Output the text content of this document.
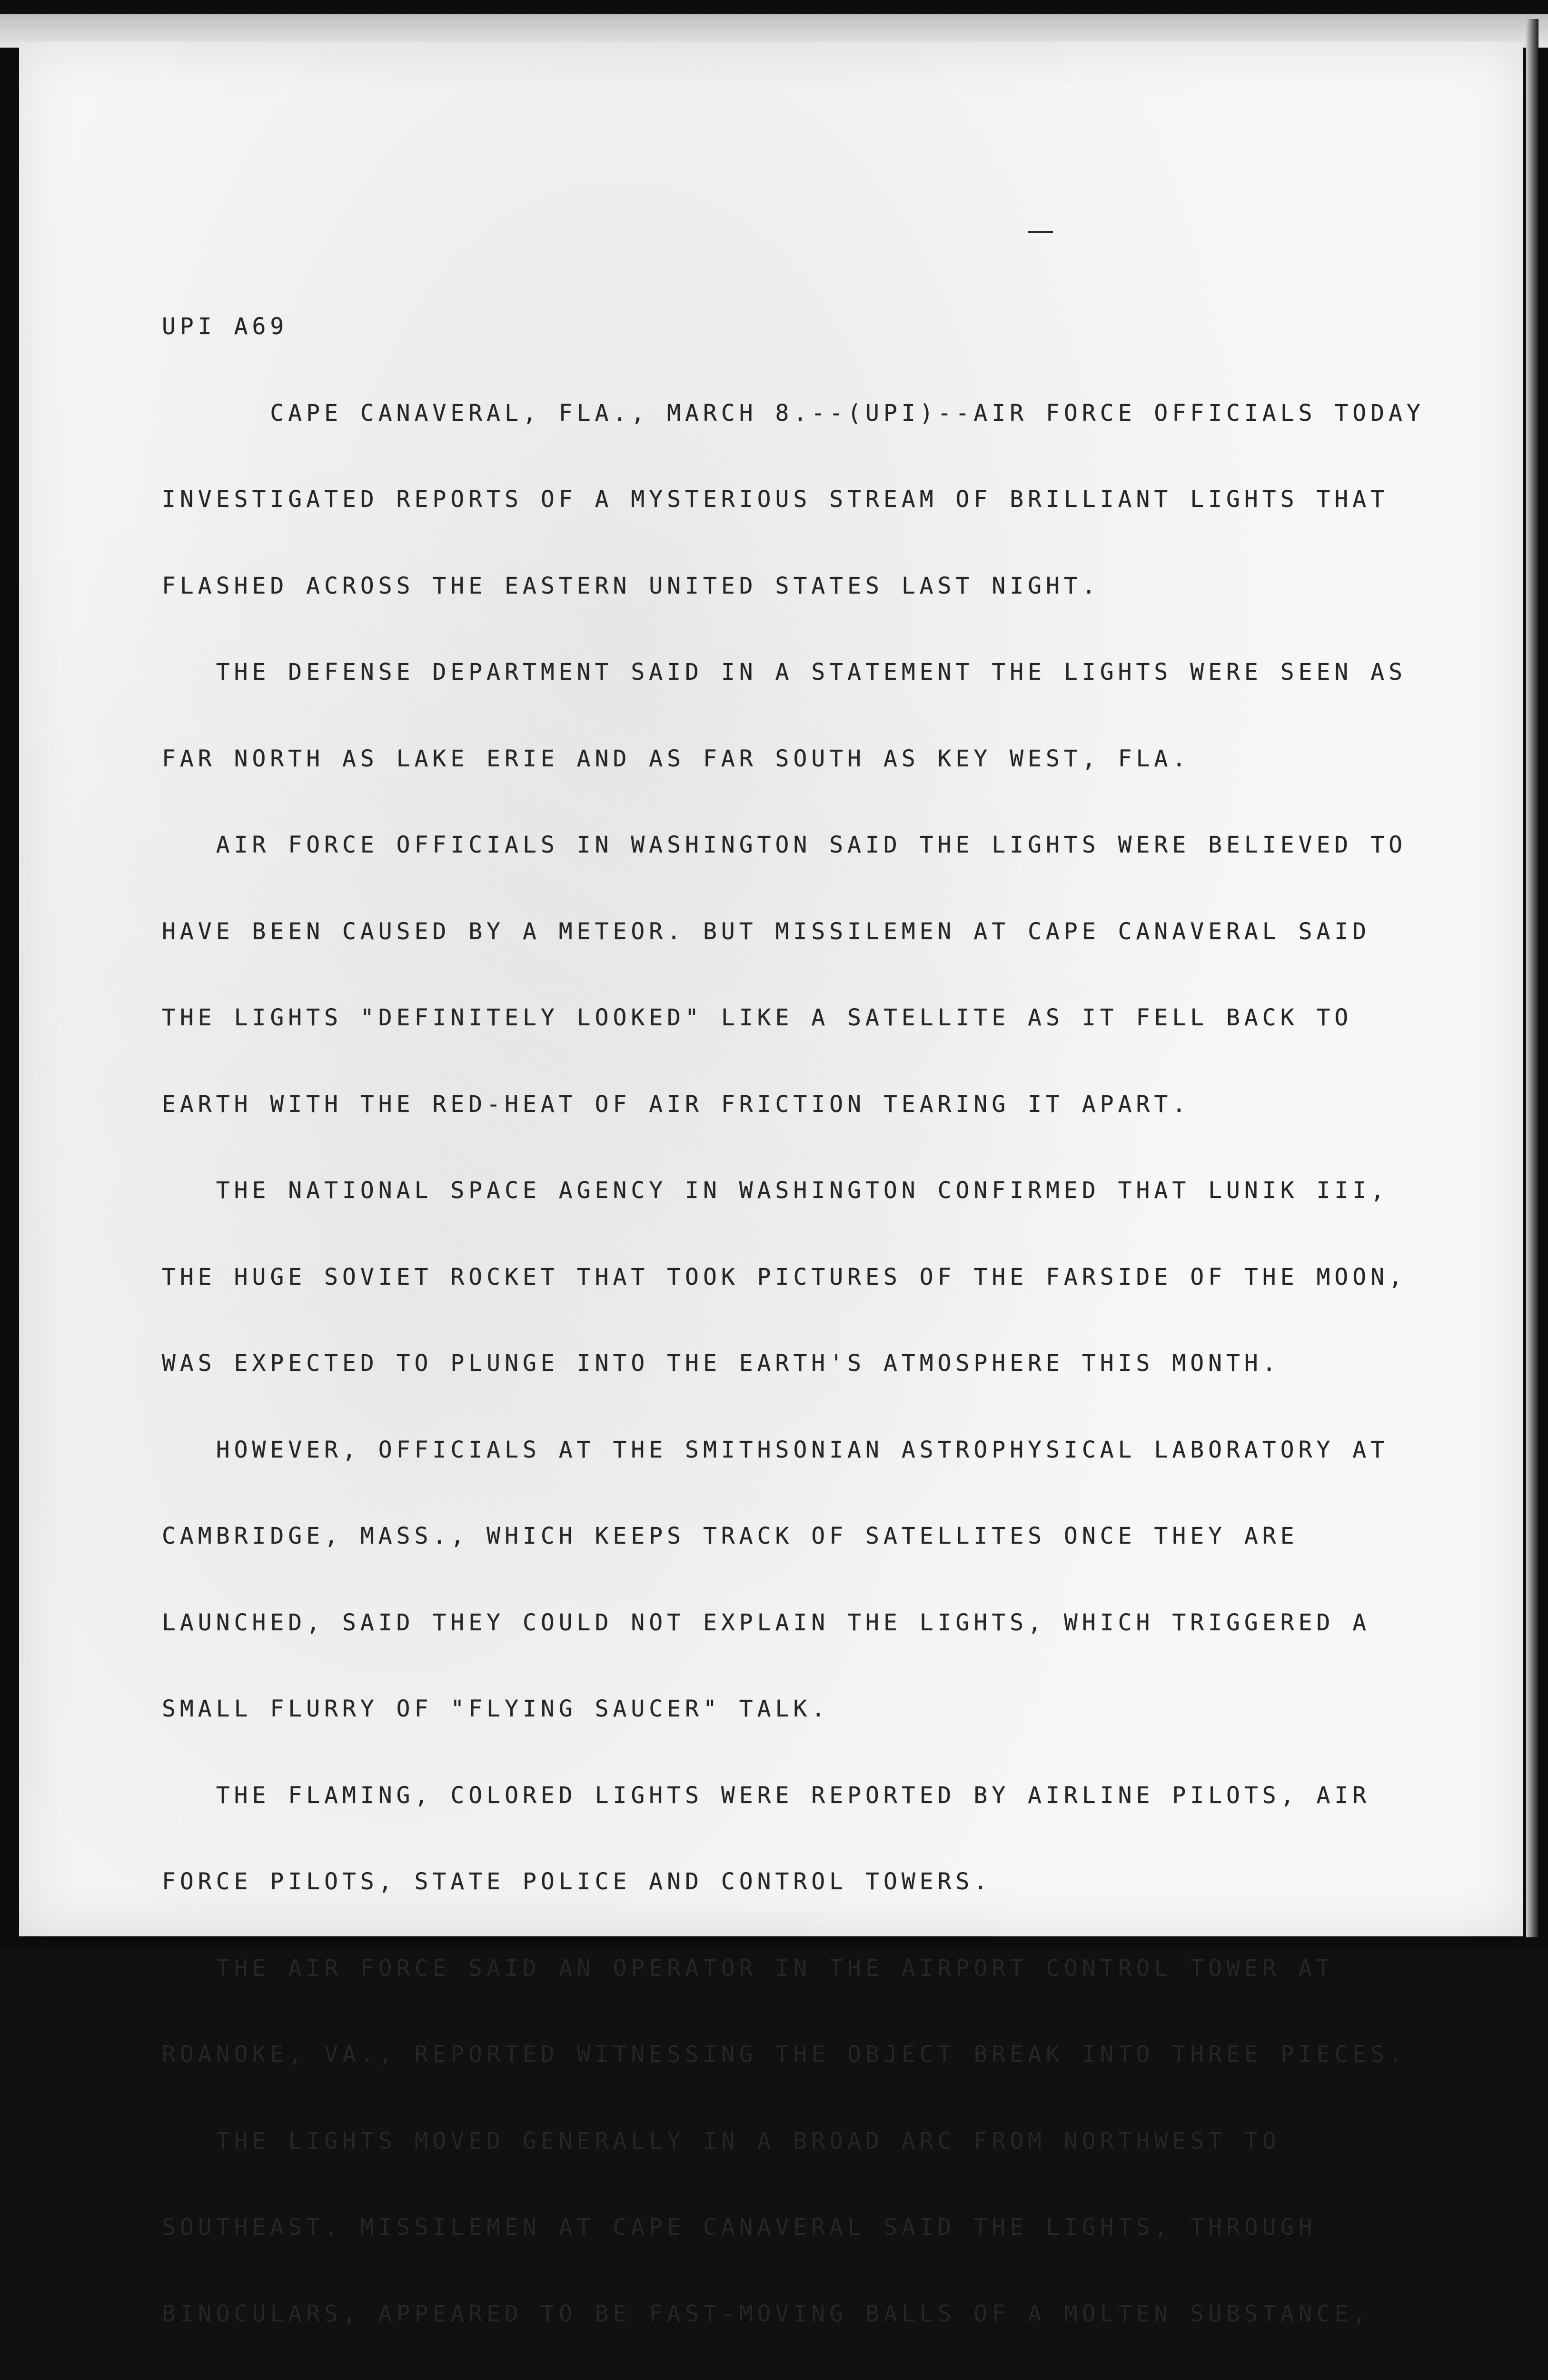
UPI A69

CAPE CANAVERAL, FLA., MARCH 8.--(UPI)--AIR FORCE OFFICIALS TODAY

INVESTIGATED REPORTS OF A MYSTERIOUS STREAM OF BRILLIANT LIGHTS THAT

FLASHED ACROSS THE EASTERN UNITED STATES LAST NIGHT.

THE DEFENSE DEPARTMENT SAID IN A STATEMENT THE LIGHTS WERE SEEN AS

FAR NORTH AS LAKE ERIE AND AS FAR SOUTH AS KEY WEST, FLA.

AIR FORCE OFFICIALS IN WASHINGTON SAID THE LIGHTS WERE BELIEVED TO

HAVE BEEN CAUSED BY A METEOR. BUT MISSILEMEN AT CAPE CANAVERAL SAID

THE LIGHTS "DEFINITELY LOOKED" LIKE A SATELLITE AS IT FELL BACK TO

EARTH WITH THE RED-HEAT OF AIR FRICTION TEARING IT APART.

THE NATIONAL SPACE AGENCY IN WASHINGTON CONFIRMED THAT LUNIK III,

THE HUGE SOVIET ROCKET THAT TOOK PICTURES OF THE FARSIDE OF THE MOON,

WAS EXPECTED TO PLUNGE INTO THE EARTH'S ATMOSPHERE THIS MONTH.

HOWEVER, OFFICIALS AT THE SMITHSONIAN ASTROPHYSICAL LABORATORY AT

CAMBRIDGE, MASS., WHICH KEEPS TRACK OF SATELLITES ONCE THEY ARE

LAUNCHED, SAID THEY COULD NOT EXPLAIN THE LIGHTS, WHICH TRIGGERED A

SMALL FLURRY OF "FLYING SAUCER" TALK.

THE FLAMING, COLORED LIGHTS WERE REPORTED BY AIRLINE PILOTS, AIR

FORCE PILOTS, STATE POLICE AND CONTROL TOWERS.

THE AIR FORCE SAID AN OPERATOR IN THE AIRPORT CONTROL TOWER AT

ROANOKE, VA., REPORTED WITNESSING THE OBJECT BREAK INTO THREE PIECES.

THE LIGHTS MOVED GENERALLY IN A BROAD ARC FROM NORTHWEST TO

SOUTHEAST. MISSILEMEN AT CAPE CANAVERAL SAID THE LIGHTS, THROUGH

BINOCULARS, APPEARED TO BE FAST-MOVING BALLS OF A MOLTEN SUBSTANCE,
